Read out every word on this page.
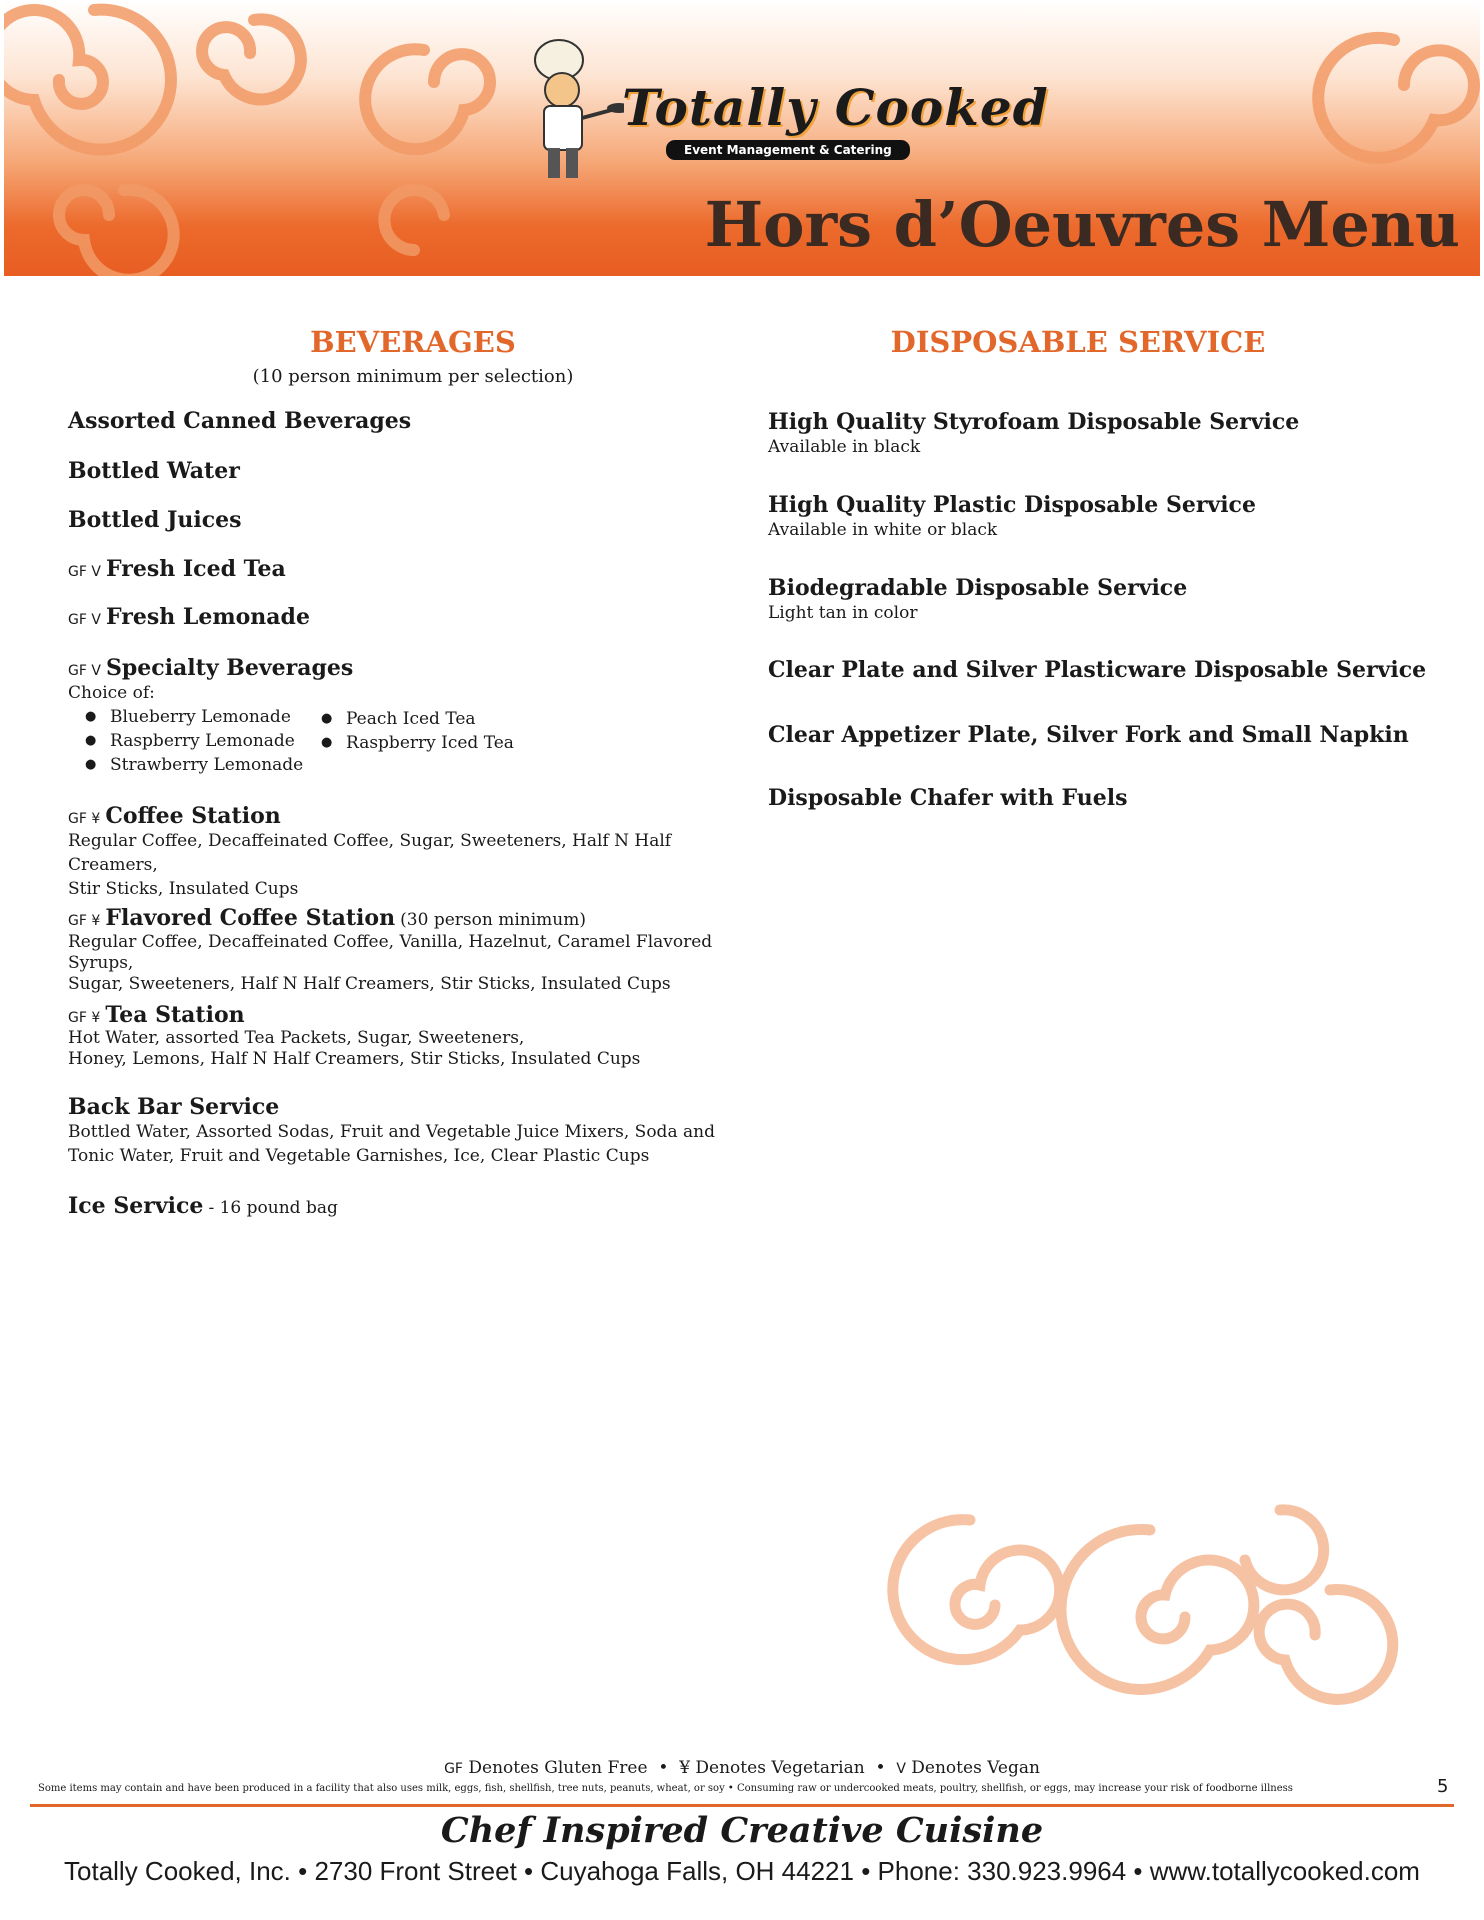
Totally Cooked
Event Management & Catering
Hors d’Oeuvres Menu
BEVERAGES
(10 person minimum per selection)
Assorted Canned Beverages
Bottled Water
Bottled Juices
GF V Fresh Iced Tea
GF V Fresh Lemonade
GF V Specialty Beverages
Choice of:
● Blueberry Lemonade
● Raspberry Lemonade
● Strawberry Lemonade
● Peach Iced Tea
● Raspberry Iced Tea
GF ¥ Coffee Station
Regular Coffee, Decaffeinated Coffee, Sugar, Sweeteners, Half N Half Creamers,
Stir Sticks, Insulated Cups
GF ¥ Flavored Coffee Station (30 person minimum)
Regular Coffee, Decaffeinated Coffee, Vanilla, Hazelnut, Caramel Flavored Syrups,
Sugar, Sweeteners, Half N Half Creamers, Stir Sticks, Insulated Cups
GF ¥ Tea Station
Hot Water, assorted Tea Packets, Sugar, Sweeteners,
Honey, Lemons, Half N Half Creamers, Stir Sticks, Insulated Cups
Back Bar Service
Bottled Water, Assorted Sodas, Fruit and Vegetable Juice Mixers, Soda and
Tonic Water, Fruit and Vegetable Garnishes, Ice, Clear Plastic Cups
Ice Service - 16 pound bag
DISPOSABLE SERVICE
High Quality Styrofoam Disposable Service
Available in black
High Quality Plastic Disposable Service
Available in white or black
Biodegradable Disposable Service
Light tan in color
Clear Plate and Silver Plasticware Disposable Service
Clear Appetizer Plate, Silver Fork and Small Napkin
Disposable Chafer with Fuels
GF Denotes Gluten Free  •  ¥ Denotes Vegetarian  •  V Denotes Vegan
Some items may contain and have been produced in a facility that also uses milk, eggs, fish, shellfish, tree nuts, peanuts, wheat, or soy • Consuming raw or undercooked meats, poultry, shellfish, or eggs, may increase your risk of foodborne illness	5
Chef Inspired Creative Cuisine
Totally Cooked, Inc. • 2730 Front Street • Cuyahoga Falls, OH 44221 • Phone: 330.923.9964 • www.totallycooked.com
